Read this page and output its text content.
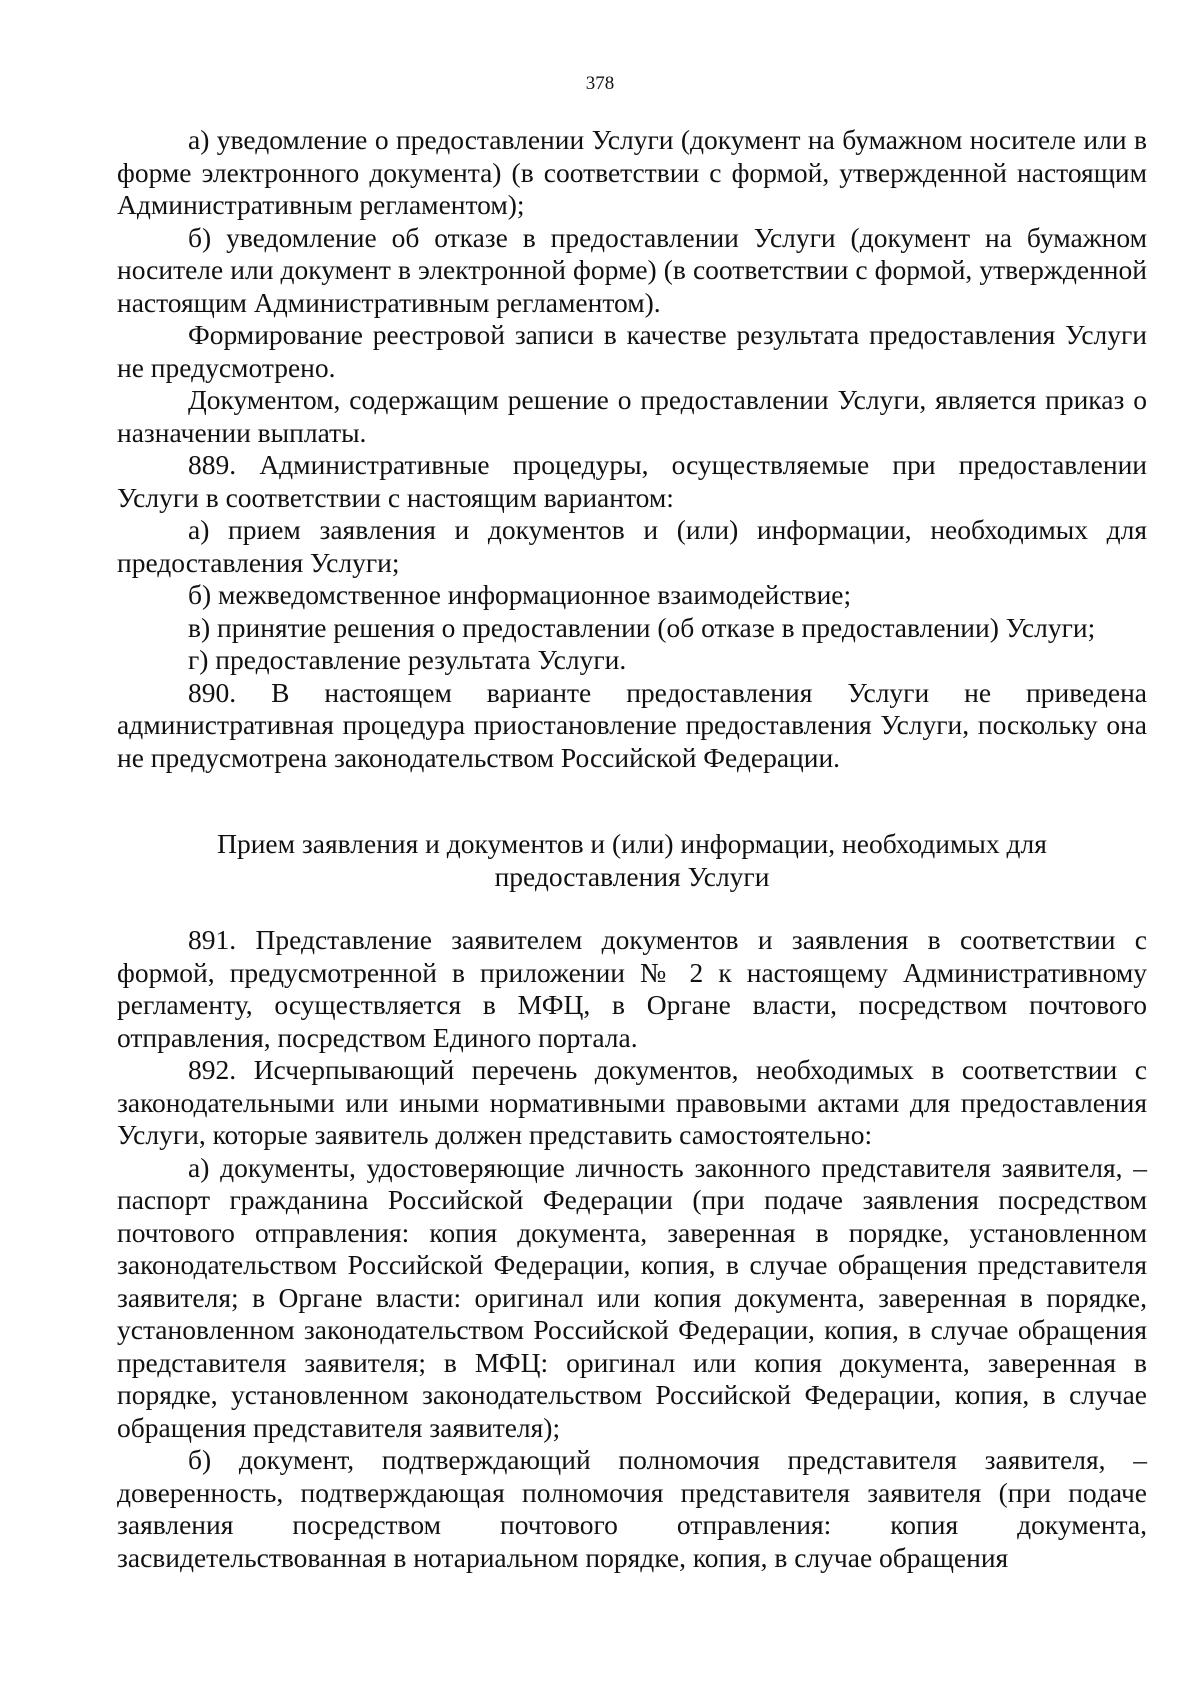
378

а) уведомление о предоставлении Услуги (документ на бумажном носителе или в форме электронного документа) (в соответствии с формой, утвержденной настоящим Административным регламентом);

б) уведомление об отказе в предоставлении Услуги (документ на бумажном носителе или документ в электронной форме) (в соответствии с формой, утвержденной настоящим Административным регламентом).

Формирование реестровой записи в качестве результата предоставления Услуги не предусмотрено.

Документом, содержащим решение о предоставлении Услуги, является приказ о назначении выплаты.

889. Административные процедуры, осуществляемые при предоставлении Услуги в соответствии с настоящим вариантом:

а) прием заявления и документов и (или) информации, необходимых для предоставления Услуги;

б) межведомственное информационное взаимодействие;

в) принятие решения о предоставлении (об отказе в предоставлении) Услуги;

г) предоставление результата Услуги.

890. В настоящем варианте предоставления Услуги не приведена административная процедура приостановление предоставления Услуги, поскольку она не предусмотрена законодательством Российской Федерации.

Прием заявления и документов и (или) информации, необходимых для предоставления Услуги

891. Представление заявителем документов и заявления в соответствии с формой, предусмотренной в приложении № 2 к настоящему Административному регламенту, осуществляется в МФЦ, в Органе власти, посредством почтового отправления, посредством Единого портала.

892. Исчерпывающий перечень документов, необходимых в соответствии с законодательными или иными нормативными правовыми актами для предоставления Услуги, которые заявитель должен представить самостоятельно:

а) документы, удостоверяющие личность законного представителя заявителя, – паспорт гражданина Российской Федерации (при подаче заявления посредством почтового отправления: копия документа, заверенная в порядке, установленном законодательством Российской Федерации, копия, в случае обращения представителя заявителя; в Органе власти: оригинал или копия документа, заверенная в порядке, установленном законодательством Российской Федерации, копия, в случае обращения представителя заявителя; в МФЦ: оригинал или копия документа, заверенная в порядке, установленном законодательством Российской Федерации, копия, в случае обращения представителя заявителя);

б) документ, подтверждающий полномочия представителя заявителя, – доверенность, подтверждающая полномочия представителя заявителя (при подаче заявления посредством почтового отправления: копия документа, засвидетельствованная в нотариальном порядке, копия, в случае обращения
